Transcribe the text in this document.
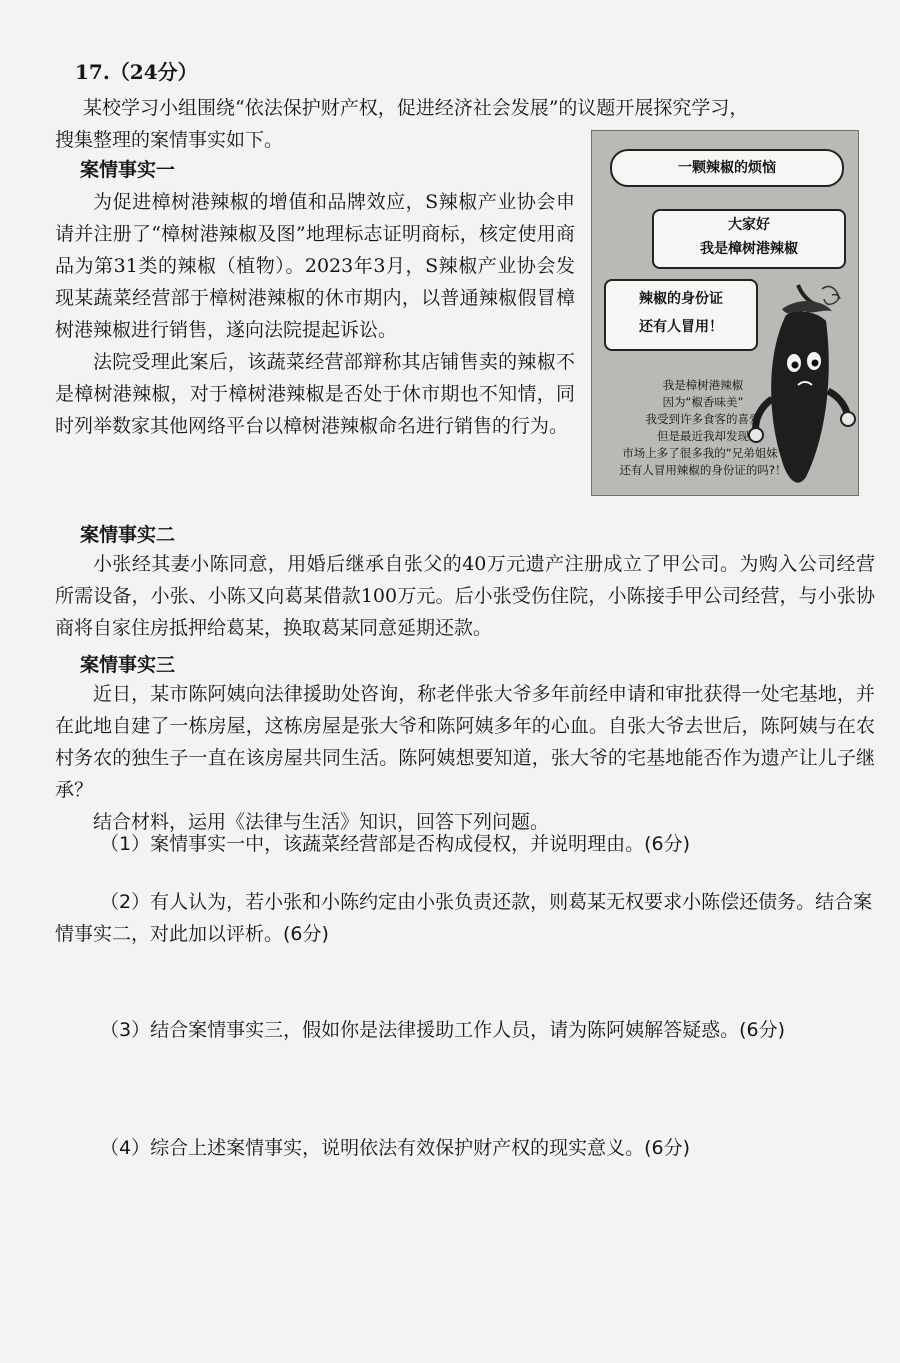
17.（24分）
某校学习小组围绕“依法保护财产权，促进经济社会发展”的议题开展探究学习，
搜集整理的案情事实如下。
案情事实一

为促进樟树港辣椒的增值和品牌效应，S辣椒产业协会申请并注册了“樟树港辣椒及图”地理标志证明商标，核定使用商品为第31类的辣椒（植物）。2023年3月，S辣椒产业协会发现某蔬菜经营部于樟树港辣椒的休市期内，以普通辣椒假冒樟树港辣椒进行销售，遂向法院提起诉讼。

法院受理此案后，该蔬菜经营部辩称其店铺售卖的辣椒不是樟树港辣椒，对于樟树港辣椒是否处于休市期也不知情，同时列举数家其他网络平台以樟树港辣椒命名进行销售的行为。

一颗辣椒的烦恼
大家好
我是樟树港辣椒
辣椒的身份证
还有人冒用！
我是樟树港辣椒
因为“椒香味美”
我受到许多食客的喜爱
但是最近我却发现
市场上多了很多我的“兄弟姐妹”
还有人冒用辣椒的身份证的吗?！
案情事实二

小张经其妻小陈同意，用婚后继承自张父的40万元遗产注册成立了甲公司。为购入公司经营所需设备，小张、小陈又向葛某借款100万元。后小张受伤住院，小陈接手甲公司经营，与小张协商将自家住房抵押给葛某，换取葛某同意延期还款。

案情事实三

近日，某市陈阿姨向法律援助处咨询，称老伴张大爷多年前经申请和审批获得一处宅基地，并在此地自建了一栋房屋，这栋房屋是张大爷和陈阿姨多年的心血。自张大爷去世后，陈阿姨与在农村务农的独生子一直在该房屋共同生活。陈阿姨想要知道，张大爷的宅基地能否作为遗产让儿子继承？

结合材料，运用《法律与生活》知识，回答下列问题。

（1）案情事实一中，该蔬菜经营部是否构成侵权，并说明理由。(6分)
（2）有人认为，若小张和小陈约定由小张负责还款，则葛某无权要求小陈偿还债务。结合案情事实二，对此加以评析。(6分)
（3）结合案情事实三，假如你是法律援助工作人员，请为陈阿姨解答疑惑。(6分)
（4）综合上述案情事实，说明依法有效保护财产权的现实意义。(6分)
